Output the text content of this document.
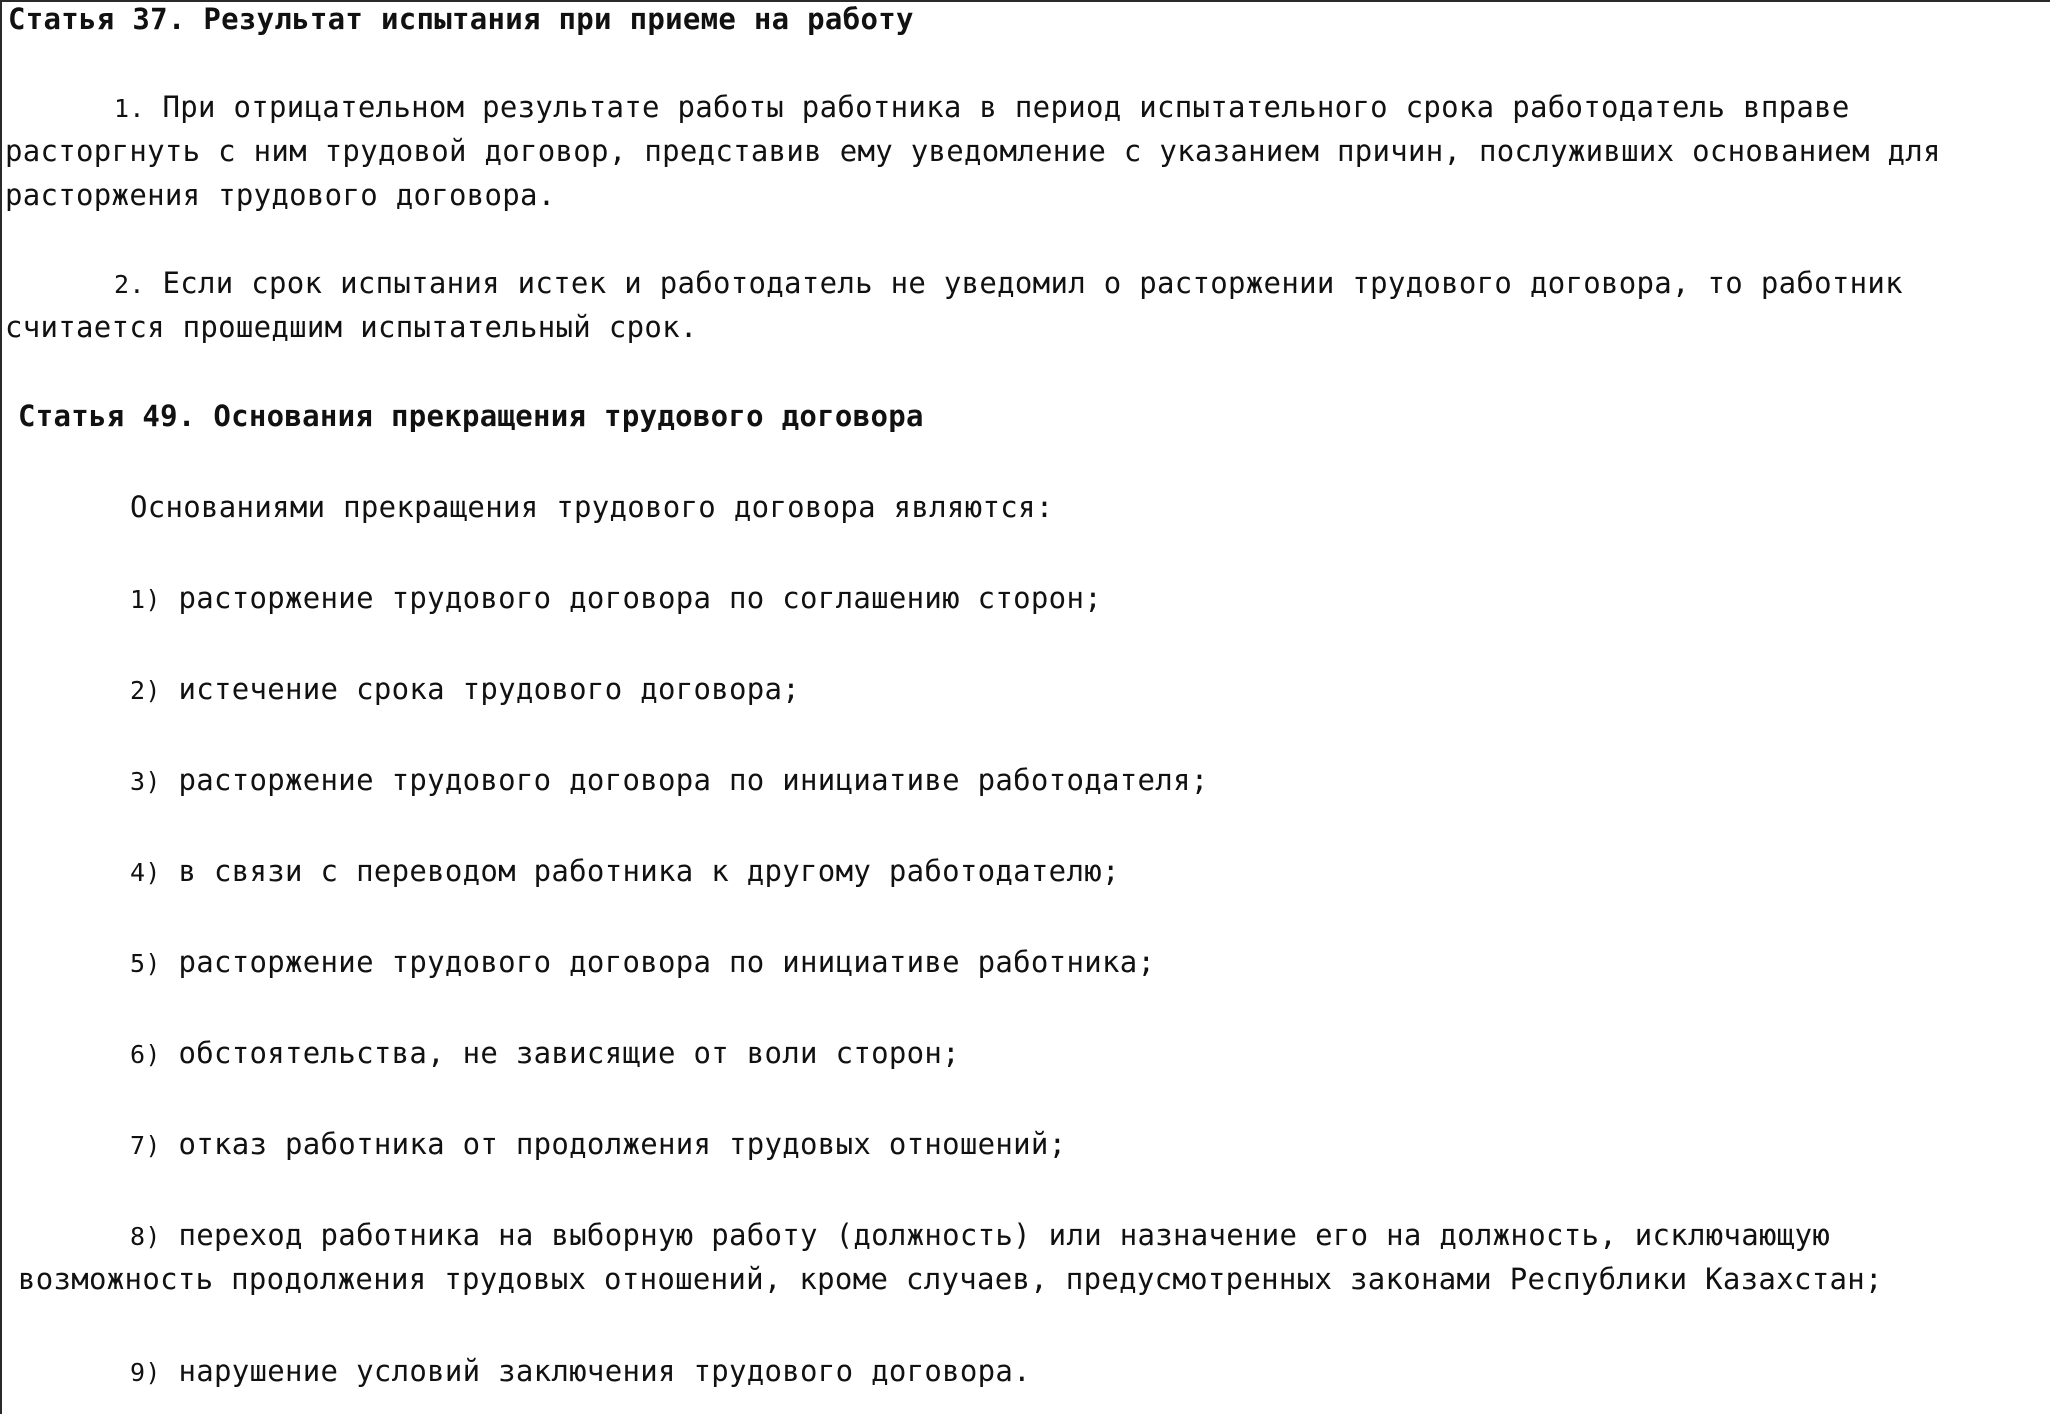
Статья 37. Результат испытания при приеме на работу
1. При отрицательном результате работы работника в период испытательного срока работодатель вправе
расторгнуть с ним трудовой договор, представив ему уведомление с указанием причин, послуживших основанием для
расторжения трудового договора.
2. Если срок испытания истек и работодатель не уведомил о расторжении трудового договора, то работник
считается прошедшим испытательный срок.
Статья 49. Основания прекращения трудового договора
Основаниями прекращения трудового договора являются:
1) расторжение трудового договора по соглашению сторон;
2) истечение срока трудового договора;
3) расторжение трудового договора по инициативе работодателя;
4) в связи с переводом работника к другому работодателю;
5) расторжение трудового договора по инициативе работника;
6) обстоятельства, не зависящие от воли сторон;
7) отказ работника от продолжения трудовых отношений;
8) переход работника на выборную работу (должность) или назначение его на должность, исключающую
возможность продолжения трудовых отношений, кроме случаев, предусмотренных законами Республики Казахстан;
9) нарушение условий заключения трудового договора.
